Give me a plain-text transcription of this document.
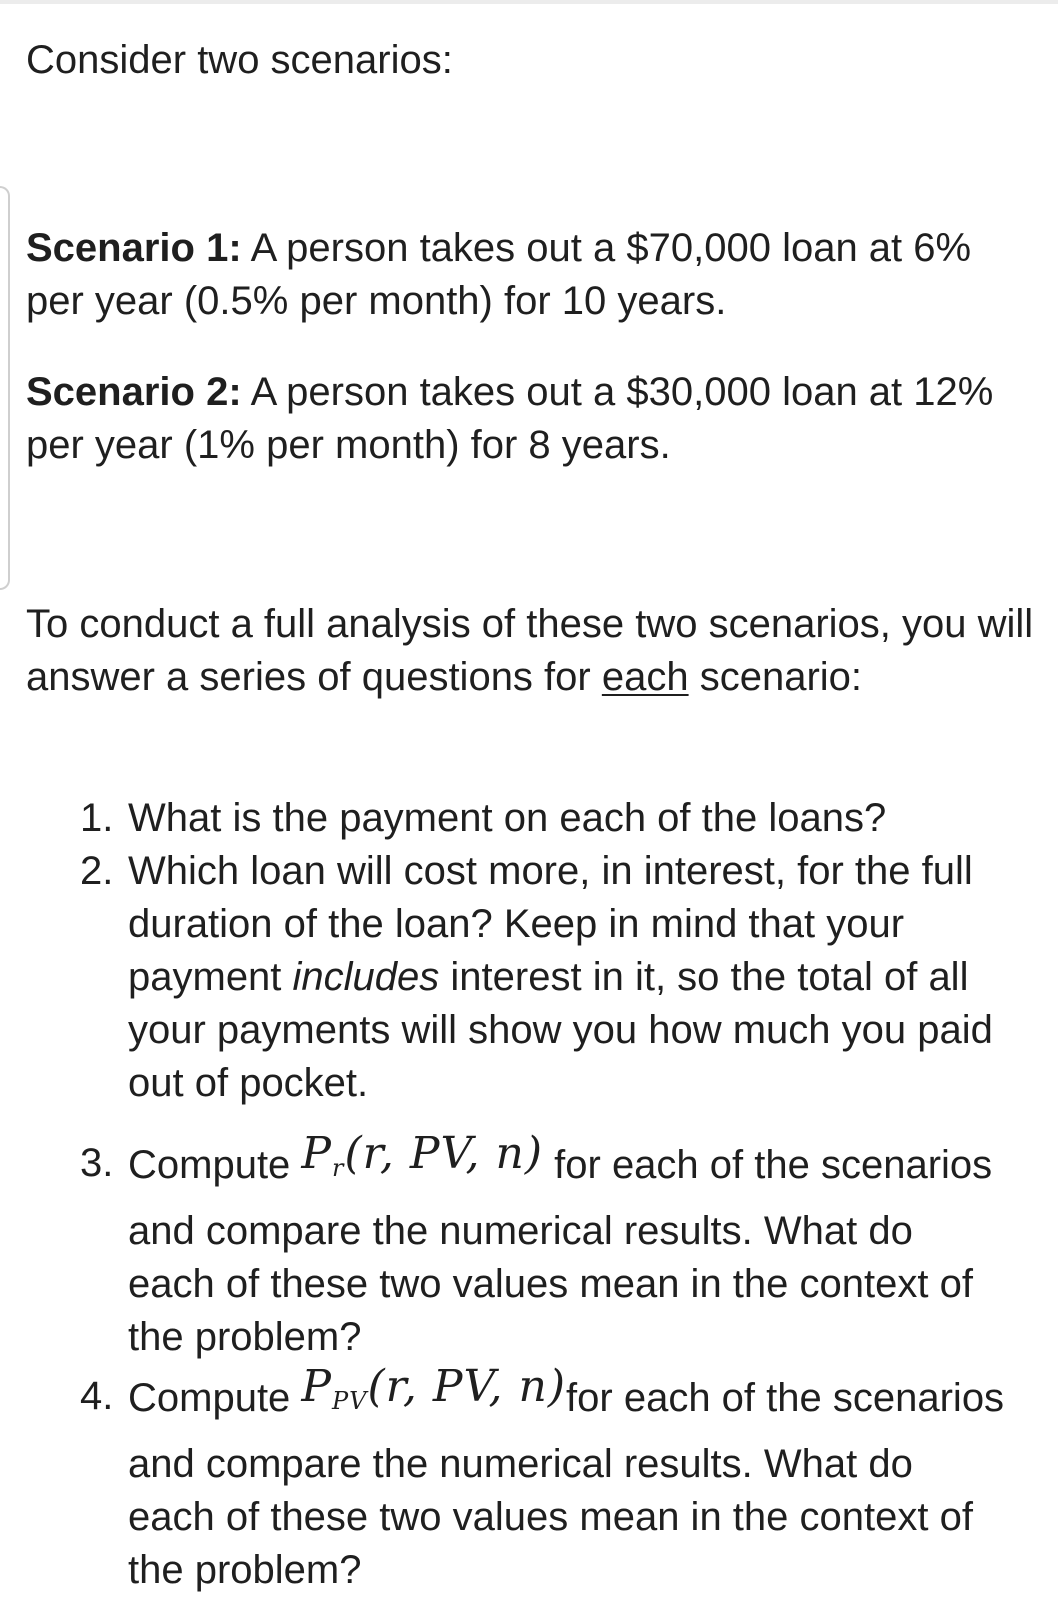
Consider two scenarios:
Scenario 1: A person takes out a $70,000 loan at 6% per year (0.5% per month) for 10 years.
Scenario 2: A person takes out a $30,000 loan at 12% per year (1% per month) for 8 years.
To conduct a full analysis of these two scenarios, you will answer a series of questions for each scenario:
1. What is the payment on each of the loans?
2. Which loan will cost more, in interest, for the full duration of the loan? Keep in mind that your payment includes interest in it, so the total of all your payments will show you how much you paid out of pocket.
3. Compute $P_r(r$, PV, n) for each of the scenarios and compare the numerical results. What do each of these two values mean in the context of the problem?
4. Compute $P_{PV}(r$, PV, n)for each of the scenarios and compare the numerical results. What do each of these two values mean in the context of the problem?
